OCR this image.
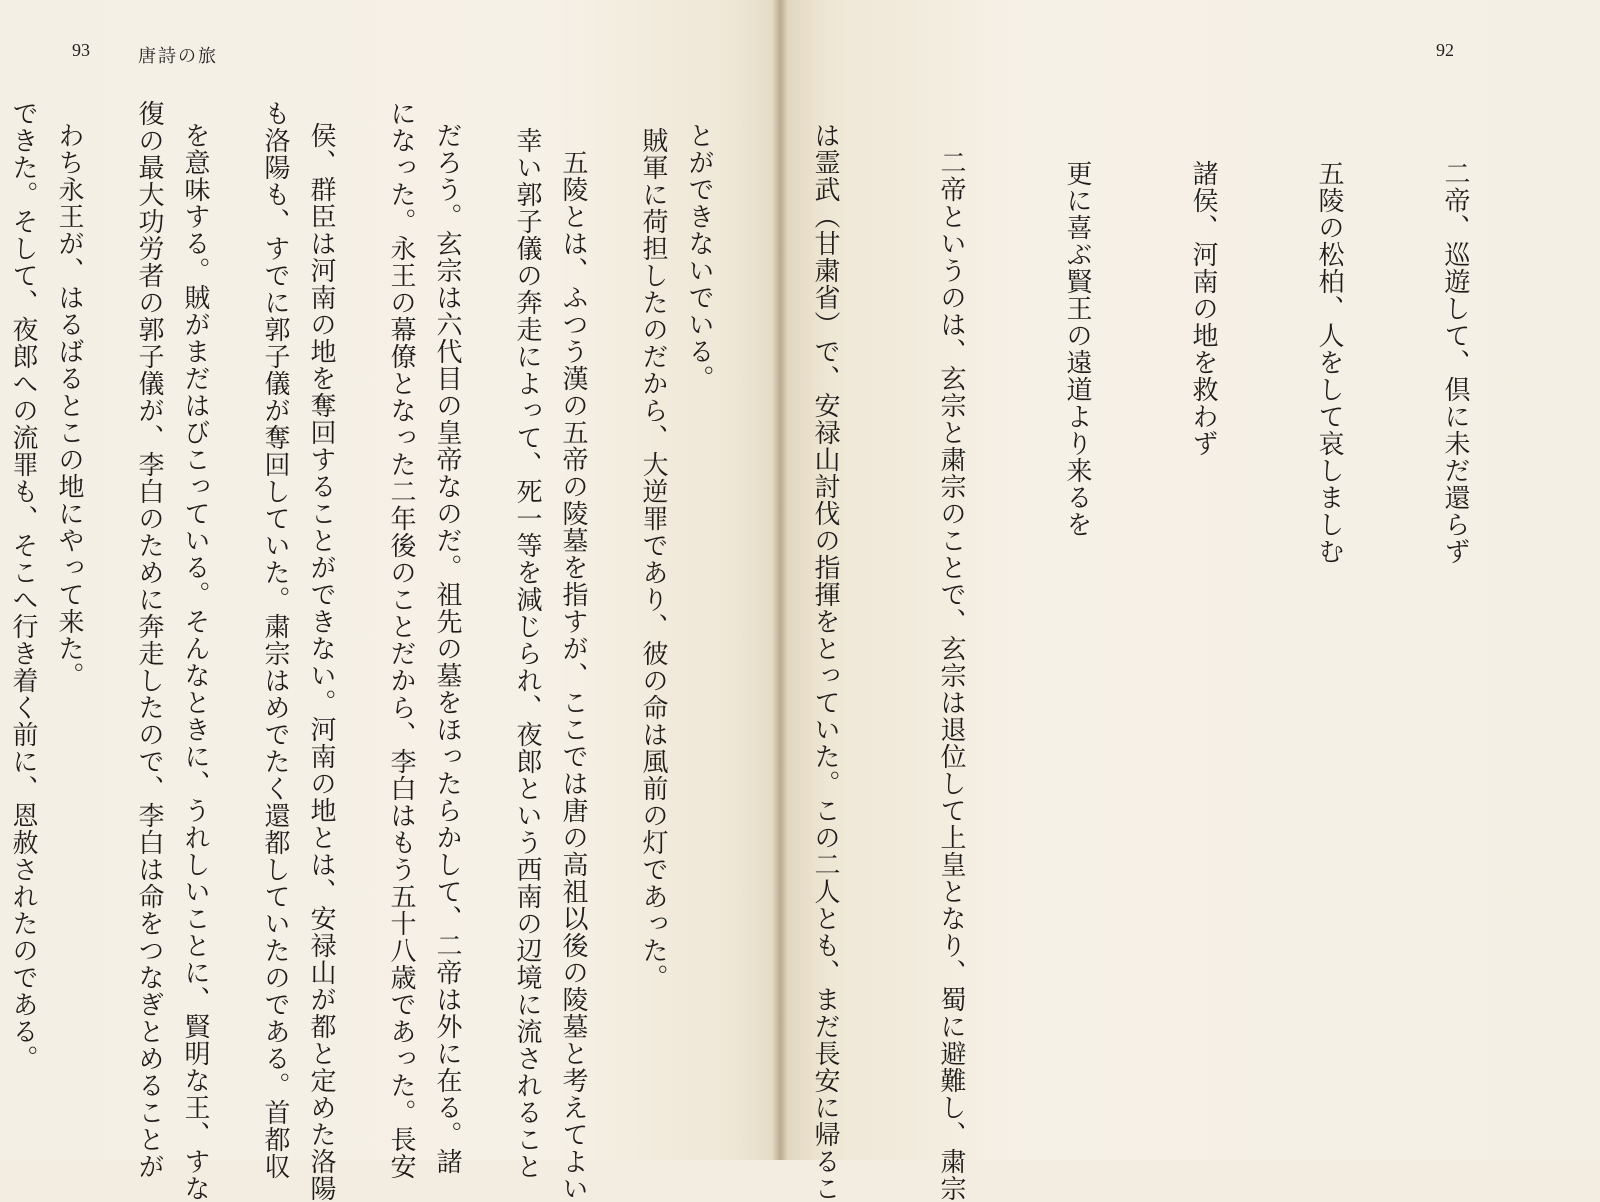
93	唐詩の旅	92

二帝、巡遊して、倶に未だ還らず

五陵の松柏、人をして哀しましむ

諸侯、河南の地を救わず

更に喜ぶ賢王の遠道より来るを

　二帝というのは、玄宗と粛宗のことで、玄宗は退位して上皇となり、蜀に避難し、粛宗

は霊武（甘粛省）で、安禄山討伐の指揮をとっていた。この二人とも、まだ長安に帰るこ

とができないでいる。

　五陵とは、ふつう漢の五帝の陵墓を指すが、ここでは唐の高祖以後の陵墓と考えてよい

だろう。玄宗は六代目の皇帝なのだ。祖先の墓をほったらかして、二帝は外に在る。諸

侯、群臣は河南の地を奪回することができない。河南の地とは、安禄山が都と定めた洛陽

を意味する。賊がまだはびこっている。そんなときに、うれしいことに、賢明な王、すな

わち永王が、はるばるとこの地にやって来た。

	　賊軍に荷担したのだから、大逆罪であり、彼の命は風前の灯であった。

　幸い郭子儀の奔走によって、死一等を減じられ、夜郎という西南の辺境に流されること

になった。永王の幕僚となった二年後のことだから、李白はもう五十八歳であった。長安

も洛陽も、すでに郭子儀が奪回していた。粛宗はめでたく還都していたのである。首都収

復の最大功労者の郭子儀が、李白のために奔走したので、李白は命をつなぎとめることが

できた。そして、夜郎への流罪も、そこへ行き着く前に、恩赦されたのである。
